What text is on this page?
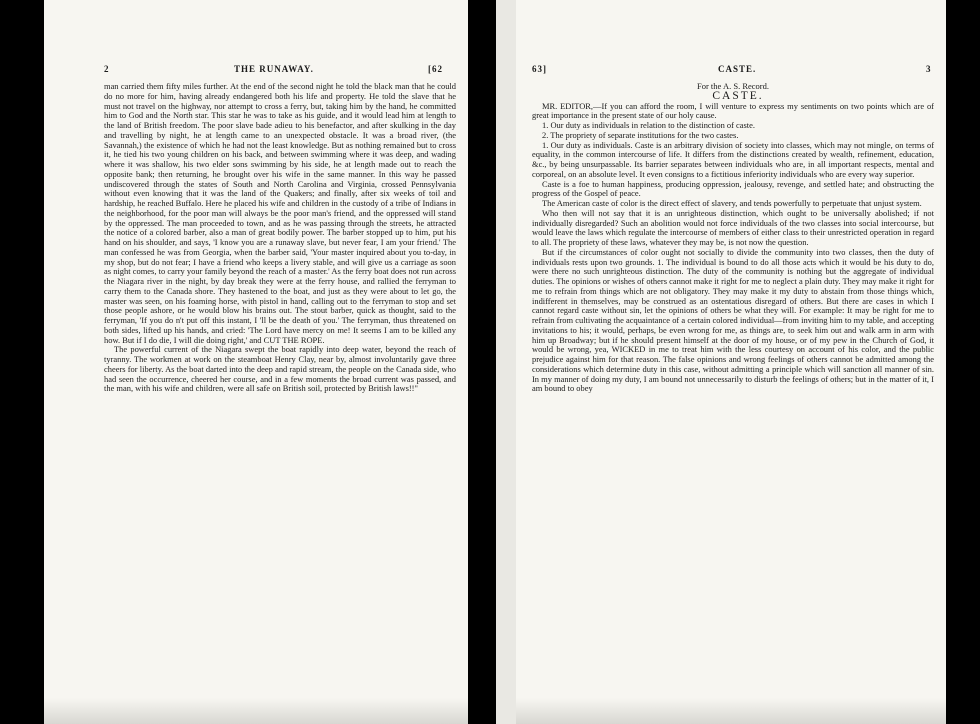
2	THE RUNAWAY.	[62

man carried them fifty miles further. At the end of the second night he told the black man that he could do no more for him, having already endangered both his life and property. He told the slave that he must not travel on the highway, nor attempt to cross a ferry, but, taking him by the hand, he committed him to God and the North star. This star he was to take as his guide, and it would lead him at length to the land of British freedom. The poor slave bade adieu to his benefactor, and after skulking in the day and travelling by night, he at length came to an unexpected obstacle. It was a broad river, (the Savannah,) the existence of which he had not the least knowledge. But as nothing remained but to cross it, he tied his two young children on his back, and between swimming where it was deep, and wading where it was shallow, his two elder sons swimming by his side, he at length made out to reach the opposite bank; then returning, he brought over his wife in the same manner. In this way he passed undiscovered through the states of South and North Carolina and Virginia, crossed Pennsylvania without even knowing that it was the land of the Quakers; and finally, after six weeks of toil and hardship, he reached Buffalo. Here he placed his wife and children in the custody of a tribe of Indians in the neighborhood, for the poor man will always be the poor man's friend, and the oppressed will stand by the oppressed. The man proceeded to town, and as he was passing through the streets, he attracted the notice of a colored barber, also a man of great bodily power. The barber stopped up to him, put his hand on his shoulder, and says, 'I know you are a runaway slave, but never fear, I am your friend.' The man confessed he was from Georgia, when the barber said, 'Your master inquired about you to-day, in my shop, but do not fear; I have a friend who keeps a livery stable, and will give us a carriage as soon as night comes, to carry your family beyond the reach of a master.' As the ferry boat does not run across the Niagara river in the night, by day break they were at the ferry house, and rallied the ferryman to carry them to the Canada shore. They hastened to the boat, and just as they were about to let go, the master was seen, on his foaming horse, with pistol in hand, calling out to the ferryman to stop and set those people ashore, or he would blow his brains out. The stout barber, quick as thought, said to the ferryman, 'If you do n't put off this instant, I 'll be the death of you.' The ferryman, thus threatened on both sides, lifted up his hands, and cried: 'The Lord have mercy on me! It seems I am to be killed any how. But if I do die, I will die doing right,' and CUT THE ROPE.

The powerful current of the Niagara swept the boat rapidly into deep water, beyond the reach of tyranny. The workmen at work on the steamboat Henry Clay, near by, almost involuntarily gave three cheers for liberty. As the boat darted into the deep and rapid stream, the people on the Canada side, who had seen the occurrence, cheered her course, and in a few moments the broad current was passed, and the man, with his wife and children, were all safe on British soil, protected by British laws!!"

63]	CASTE.	3

For the A. S. Record.

CASTE.

MR. EDITOR,—If you can afford the room, I will venture to express my sentiments on two points which are of great importance in the present state of our holy cause.

1. Our duty as individuals in relation to the distinction of caste.

2. The propriety of separate institutions for the two castes.

1. Our duty as individuals. Caste is an arbitrary division of society into classes, which may not mingle, on terms of equality, in the common intercourse of life. It differs from the distinctions created by wealth, refinement, education, &c., by being unsurpassable. Its barrier separates between individuals who are, in all important respects, mental and corporeal, on an absolute level. It even consigns to a fictitious inferiority individuals who are every way superior.

Caste is a foe to human happiness, producing oppression, jealousy, revenge, and settled hate; and obstructing the progress of the Gospel of peace.

The American caste of color is the direct effect of slavery, and tends powerfully to perpetuate that unjust system.

Who then will not say that it is an unrighteous distinction, which ought to be universally abolished; if not individually disregarded? Such an abolition would not force individuals of the two classes into social intercourse, but would leave the laws which regulate the intercourse of members of either class to their unrestricted operation in regard to all. The propriety of these laws, whatever they may be, is not now the question.

But if the circumstances of color ought not socially to divide the community into two classes, then the duty of individuals rests upon two grounds. 1. The individual is bound to do all those acts which it would be his duty to do, were there no such unrighteous distinction. The duty of the community is nothing but the aggregate of individual duties. The opinions or wishes of others cannot make it right for me to neglect a plain duty. They may make it right for me to refrain from things which are not obligatory. They may make it my duty to abstain from those things which, indifferent in themselves, may be construed as an ostentatious disregard of others. But there are cases in which I cannot regard caste without sin, let the opinions of others be what they will. For example: It may be right for me to refrain from cultivating the acquaintance of a certain colored individual—from inviting him to my table, and accepting invitations to his; it would, perhaps, be even wrong for me, as things are, to seek him out and walk arm in arm with him up Broadway; but if he should present himself at the door of my house, or of my pew in the Church of God, it would be wrong, yea, WICKED in me to treat him with the less courtesy on account of his color, and the public prejudice against him for that reason. The false opinions and wrong feelings of others cannot be admitted among the considerations which determine duty in this case, without admitting a principle which will sanction all manner of sin. In my manner of doing my duty, I am bound not unnecessarily to disturb the feelings of others; but in the matter of it, I am bound to obey
